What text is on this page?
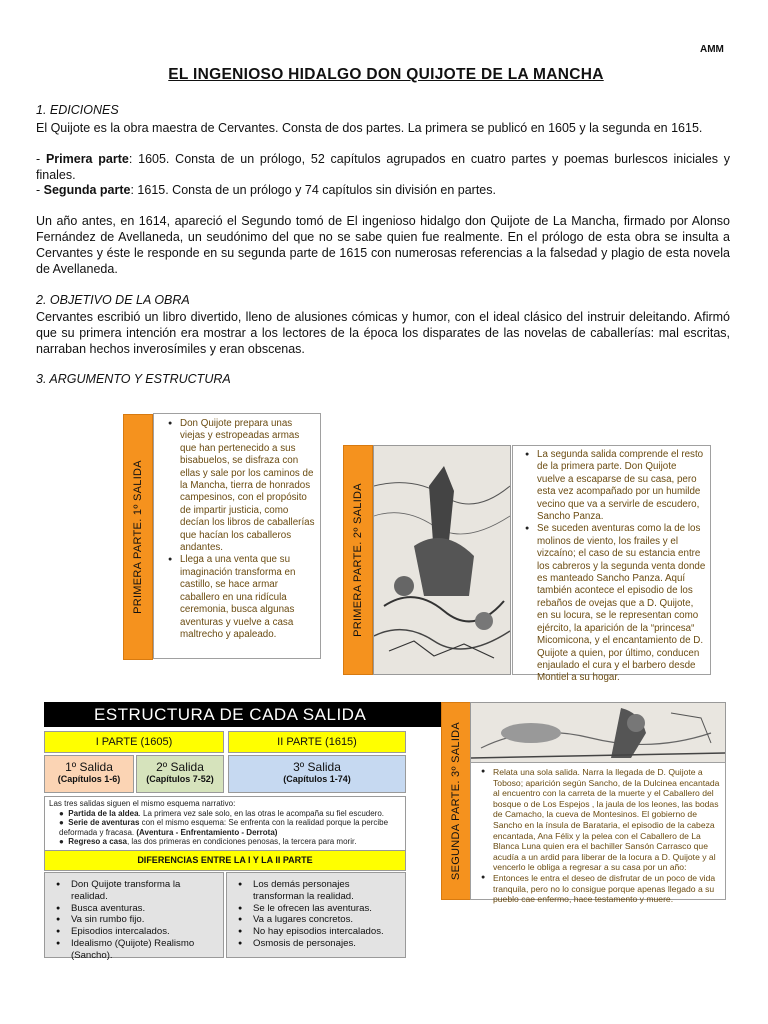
AMM
EL INGENIOSO HIDALGO DON QUIJOTE DE LA MANCHA
1. EDICIONES
El Quijote es la obra maestra de Cervantes. Consta de dos partes. La primera se publicó en 1605 y la segunda en 1615.
- Primera parte: 1605. Consta de un prólogo, 52 capítulos agrupados en cuatro partes y poemas burlescos iniciales y finales.
- Segunda parte: 1615. Consta de un prólogo y 74 capítulos sin división en partes.
Un año antes, en 1614, apareció el Segundo tomó de El ingenioso hidalgo don Quijote de La Mancha, firmado por Alonso Fernández de Avellaneda, un seudónimo del que no se sabe quien fue realmente. En el prólogo de esta obra se insulta a Cervantes y éste le responde en su segunda parte de 1615 con numerosas referencias a la falsedad y plagio de esta novela de Avellaneda.
2. OBJETIVO DE LA OBRA
Cervantes escribió un libro divertido, lleno de alusiones cómicas y humor, con el ideal clásico del instruir deleitando. Afirmó que su primera intención era mostrar a los lectores de la época los disparates de las novelas de caballerías: mal escritas, narraban hechos inverosímiles y eran obscenas.
3. ARGUMENTO Y ESTRUCTURA
PRIMERA PARTE. 1º SALIDA
● Don Quijote prepara unas viejas y estropeadas armas que han pertenecido a sus bisabuelos, se disfraza con ellas y sale por los caminos de la Mancha, tierra de honrados campesinos, con el propósito de impartir justicia, como decían los libros de caballerías que hacían los caballeros andantes.
● Llega a una venta que su imaginación transforma en castillo, se hace armar caballero en una ridícula ceremonia, busca algunas aventuras y vuelve a casa maltrecho y apaleado.	PRIMERA PARTE. 2º SALIDA
● La segunda salida comprende el resto de la primera parte. Don Quijote vuelve a escaparse de su casa, pero esta vez acompañado por un humilde vecino que va a servirle de escudero, Sancho Panza.
● Se suceden aventuras como la de los molinos de viento, los frailes y el vizcaíno; el caso de su estancia entre los cabreros y la segunda venta donde es manteado Sancho Panza. Aquí también acontece el episodio de los rebaños de ovejas que a D. Quijote, en su locura, se le representan como ejército, la aparición de la “princesa“ Micomicona, y el encantamiento de D. Quijote a quien, por último, conducen enjaulado el cura y el barbero desde Montiel a su hogar.
ESTRUCTURA DE CADA SALIDA
I PARTE (1605)	II PARTE (1615)
1º Salida
(Capítulos 1-6)
2º Salida
(Capítulos 7-52)
3º Salida
(Capítulos 1-74)
Las tres salidas siguen el mismo esquema narrativo:
●  Partida de la aldea. La primera vez sale solo, en las otras le acompaña su fiel escudero.
●  Serie de aventuras con el mismo esquema: Se enfrenta con la realidad porque la percibe deformada y fracasa. (Aventura - Enfrentamiento - Derrota)
●  Regreso a casa, las dos primeras en condiciones penosas, la tercera para morir.
DIFERENCIAS ENTRE LA I Y LA II PARTE
● Don Quijote transforma la realidad.
● Busca aventuras.
● Va sin rumbo fijo.
● Episodios intercalados.
● Idealismo (Quijote) Realismo (Sancho).
● Los demás personajes transforman la realidad.
● Se le ofrecen las aventuras.
● Va a lugares concretos.
● No hay episodios intercalados.
● Osmosis de personajes.
SEGUNDA PARTE. 3º SALIDA
●	Relata una sola salida. Narra la llegada de D. Quijote a Toboso; aparición según Sancho, de la Dulcinea encantada al encuentro con la carreta de la muerte y el Caballero del bosque o de Los Espejos , la jaula de los leones, las bodas de Camacho, la cueva de Montesinos. El gobierno de Sancho en la ínsula de Barataria, el episodio de la cabeza encantada, Ana Félix y la pelea con el Caballero de La Blanca Luna quien era el bachiller Sansón Carrasco que acudía a un ardid para liberar de la locura a D. Quijote y al vencerlo le obliga a regresar a su casa por un año:
● Entonces le entra el deseo de disfrutar de un poco de vida tranquila, pero no lo consigue porque apenas llegado a su pueblo cae enfermo, hace testamento y muere.
